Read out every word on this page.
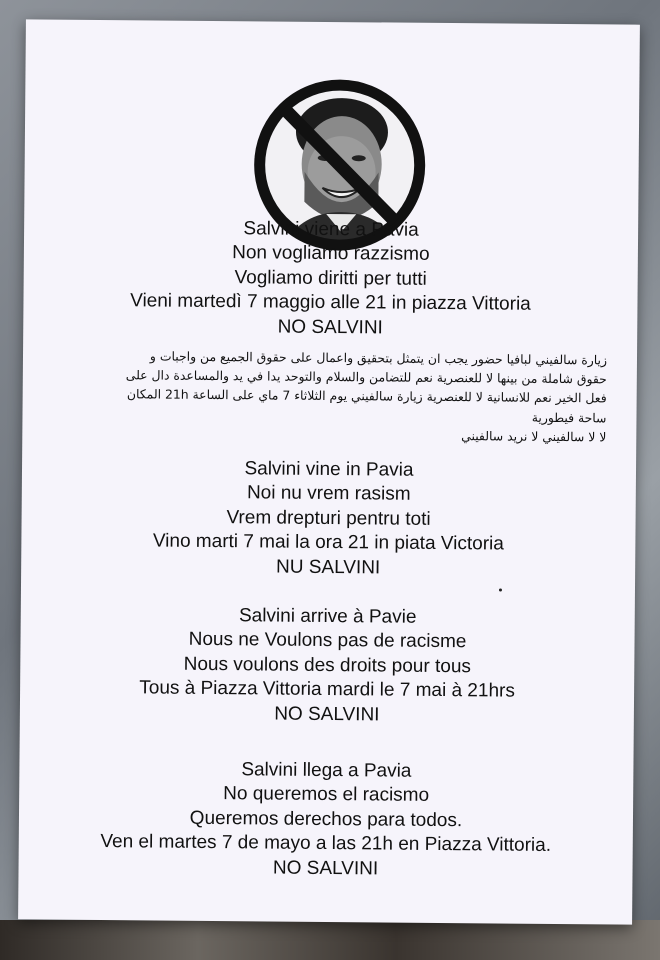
Salvini viene a Pavia
Non vogliamo razzismo
Vogliamo diritti per tutti
Vieni martedì 7 maggio alle 21 in piazza Vittoria
NO SALVINI
زيارة سالفيني لبافيا حضور يجب ان يتمثل بتحقيق واعمال على حقوق الجميع من واجبات و
حقوق شاملة من بينها لا للعنصرية نعم للتضامن والسلام والتوحد يدا في يد والمساعدة دال على
فعل الخير نعم للانسانية لا للعنصرية زيارة سالفيني يوم الثلاثاء 7 ماي على الساعة 21h المكان
ساحة فيطورية
لا لا سالفيني لا نريد سالفيني
Salvini vine in Pavia
Noi nu vrem rasism
Vrem drepturi pentru toti
Vino marti 7 mai la ora 21 in piata Victoria
NU SALVINI
Salvini arrive à Pavie
Nous ne Voulons pas de racisme
Nous voulons des droits pour tous
Tous à Piazza Vittoria mardi le 7 mai à 21hrs
NO SALVINI
Salvini llega a Pavia
No queremos el racismo
Queremos derechos para todos.
Ven el martes 7 de mayo a las 21h en Piazza Vittoria.
NO SALVINI
